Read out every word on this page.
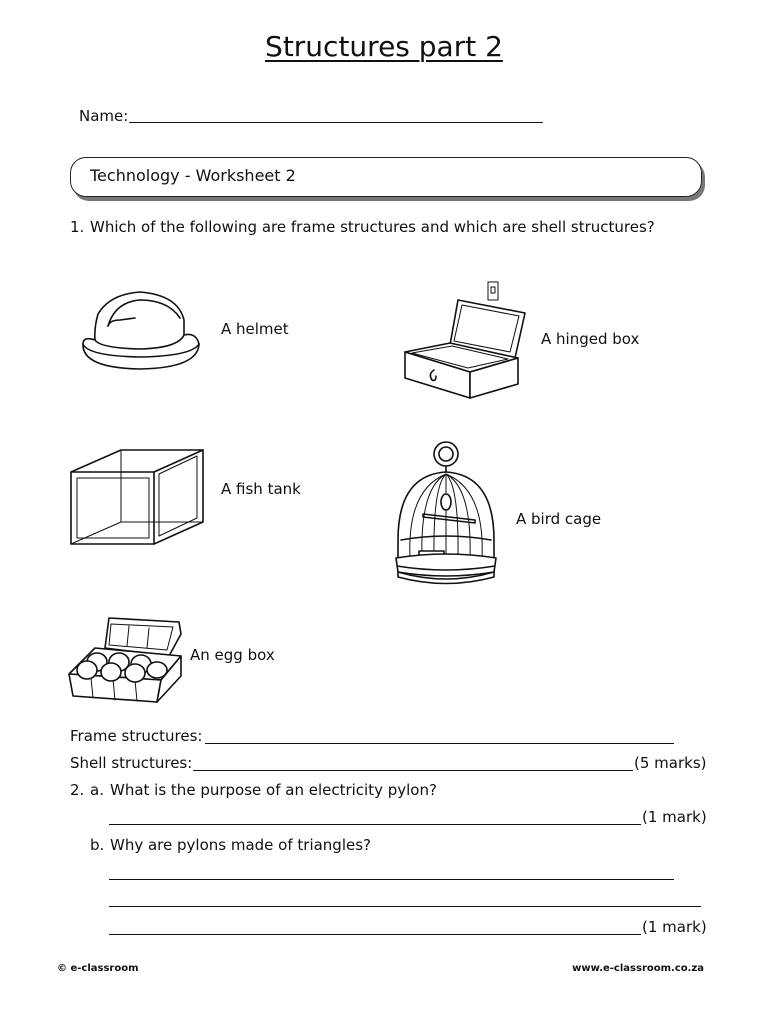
Structures part 2
Name:
Technology - Worksheet 2
1. Which of the following are frame structures and which are shell structures?
A helmet
A hinged box
A fish tank
A bird cage
An egg box
Frame structures:
Shell structures:	(5 marks)
2. a. What is the purpose of an electricity pylon?
(1 mark)
b. Why are pylons made of triangles?
(1 mark)
© e-classroom	www.e-classroom.co.za
